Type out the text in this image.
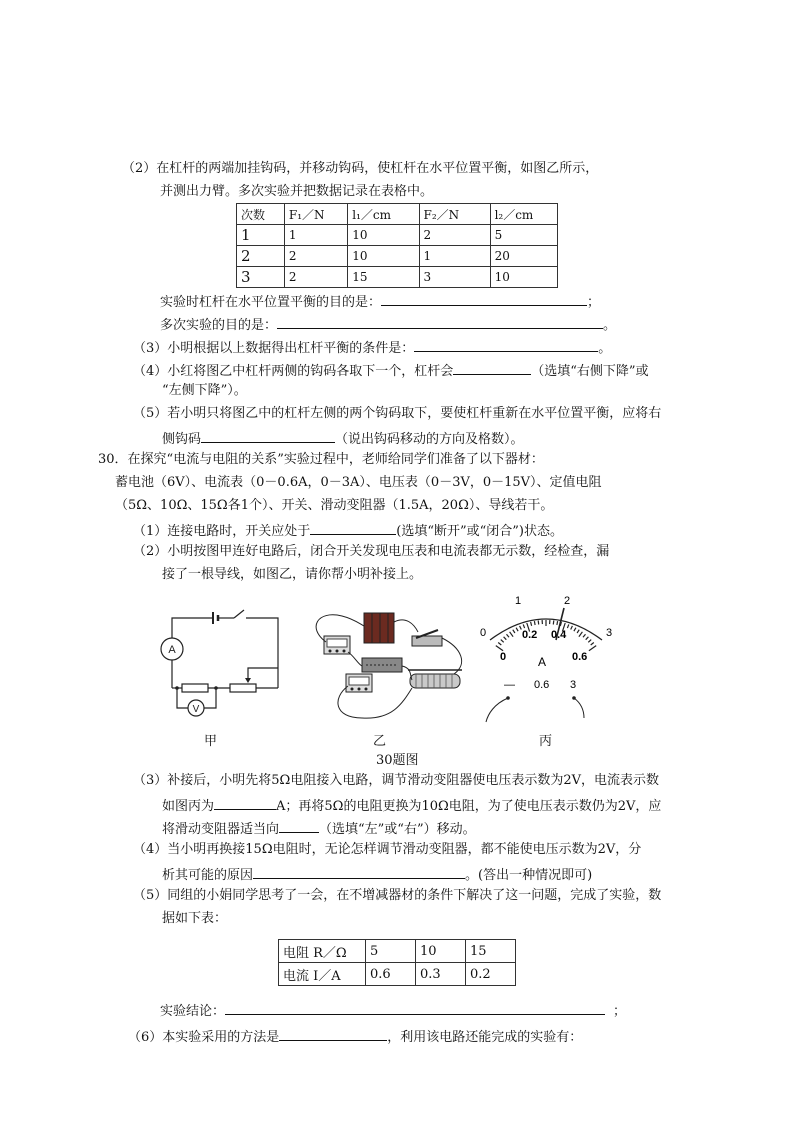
（2）在杠杆的两端加挂钩码，并移动钩码，使杠杆在水平位置平衡，如图乙所示，
并测出力臂。多次实验并把数据记录在表格中。
次数	F₁／N	l₁／cm	F₂／N	l₂／cm
1	1	10	2	5
2	2	10	1	20
3	2	15	3	10
实验时杠杆在水平位置平衡的目的是：	；
多次实验的目的是：	。
（3）小明根据以上数据得出杠杆平衡的条件是：	。
（4）小红将图乙中杠杆两侧的钩码各取下一个，杠杆会	（选填“右侧下降”或
“左侧下降”）。
（5）若小明只将图乙中的杠杆左侧的两个钩码取下，要使杠杆重新在水平位置平衡，应将右
侧钩码	（说出钩码移动的方向及格数）。
30．在探究“电流与电阻的关系”实验过程中，老师给同学们准备了以下器材：
蓄电池（6V）、电流表（0－0.6A，0－3A）、电压表（0－3V，0－15V）、定值电阻
（5Ω、10Ω、15Ω各1个）、开关、滑动变阻器（1.5A，20Ω）、导线若干。
（1）连接电路时，开关应处于	(选填“断开”或“闭合”)状态。
（2）小明按图甲连好电路后，闭合开关发现电压表和电流表都无示数，经检查，漏
接了一根导线，如图乙，请你帮小明补接上。
A
V
甲	乙
0
1	2
3
0
0.2 0.4
0.6
A
— 0.6 3
丙
30题图
（3）补接后，小明先将5Ω电阻接入电路，调节滑动变阻器使电压表示数为2V，电流表示数
如图丙为	A；再将5Ω的电阻更换为10Ω电阻，为了使电压表示数仍为2V，应
将滑动变阻器适当向	（选填“左”或“右”）移动。
（4）当小明再换接15Ω电阻时，无论怎样调节滑动变阻器，都不能使电压示数为2V，分
析其可能的原因	。(答出一种情况即可)
（5）同组的小娟同学思考了一会，在不增减器材的条件下解决了这一问题，完成了实验，数
据如下表：
电阻 R／Ω	5	10	15
电流 I／A	0.6	0.3	0.2
实验结论：	；
（6）本实验采用的方法是	，利用该电路还能完成的实验有：
